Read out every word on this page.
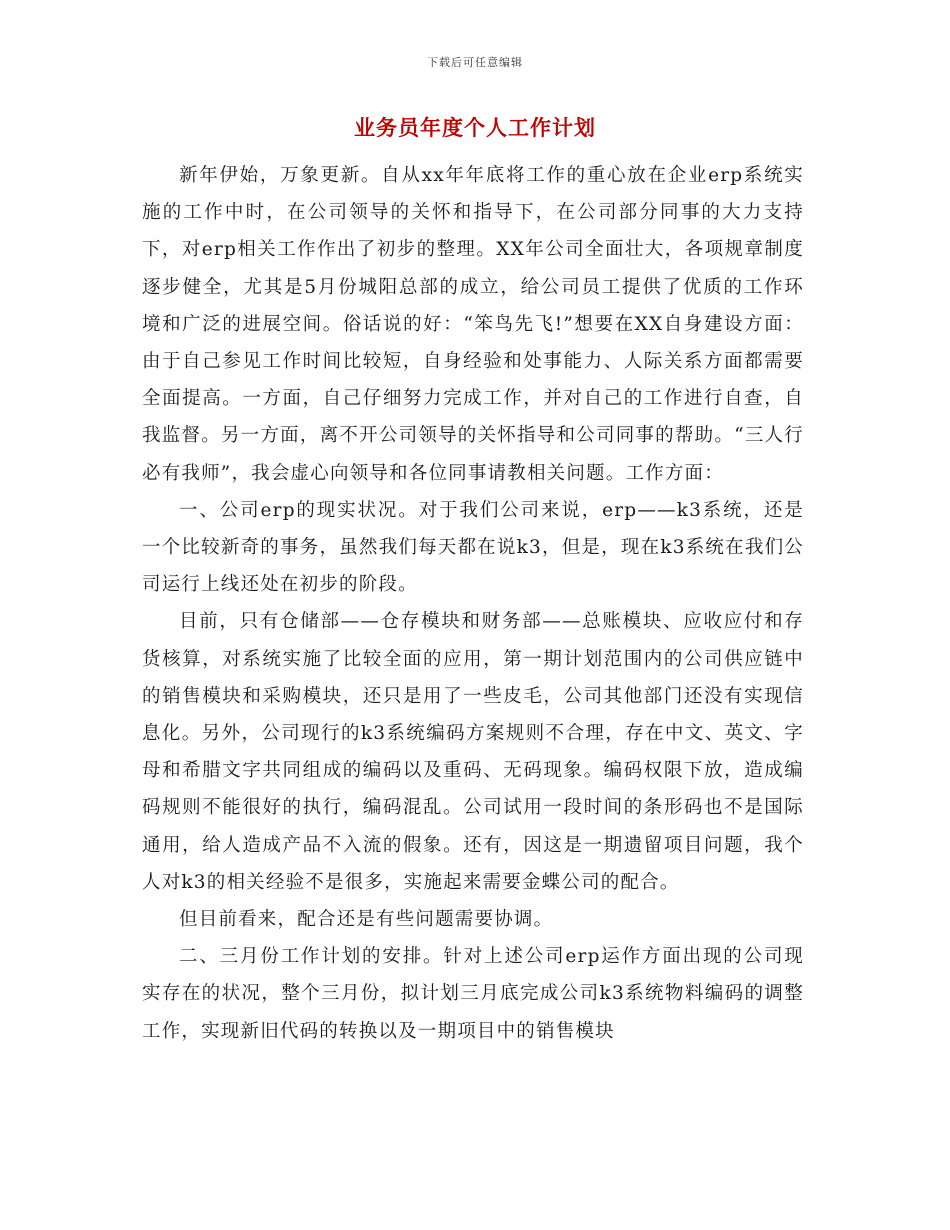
下载后可任意编辑
业务员年度个人工作计划

新年伊始，万象更新。自从xx年年底将工作的重心放在企业erp系统实施的工作中时，在公司领导的关怀和指导下，在公司部分同事的大力支持下，对erp相关工作作出了初步的整理。XX年公司全面壮大，各项规章制度逐步健全，尤其是5月份城阳总部的成立，给公司员工提供了优质的工作环境和广泛的进展空间。俗话说的好：“笨鸟先飞!”想要在XX自身建设方面：由于自己参见工作时间比较短，自身经验和处事能力、人际关系方面都需要全面提高。一方面，自己仔细努力完成工作，并对自己的工作进行自查，自我监督。另一方面，离不开公司领导的关怀指导和公司同事的帮助。“三人行必有我师”，我会虚心向领导和各位同事请教相关问题。工作方面：

一、公司erp的现实状况。对于我们公司来说，erp——k3系统，还是一个比较新奇的事务，虽然我们每天都在说k3，但是，现在k3系统在我们公司运行上线还处在初步的阶段。

目前，只有仓储部——仓存模块和财务部——总账模块、应收应付和存货核算，对系统实施了比较全面的应用，第一期计划范围内的公司供应链中的销售模块和采购模块，还只是用了一些皮毛，公司其他部门还没有实现信息化。另外，公司现行的k3系统编码方案规则不合理，存在中文、英文、字母和希腊文字共同组成的编码以及重码、无码现象。编码权限下放，造成编码规则不能很好的执行，编码混乱。公司试用一段时间的条形码也不是国际通用，给人造成产品不入流的假象。还有，因这是一期遗留项目问题，我个人对k3的相关经验不是很多，实施起来需要金蝶公司的配合。

但目前看来，配合还是有些问题需要协调。

二、三月份工作计划的安排。针对上述公司erp运作方面出现的公司现实存在的状况，整个三月份，拟计划三月底完成公司k3系统物料编码的调整工作，实现新旧代码的转换以及一期项目中的销售模块
